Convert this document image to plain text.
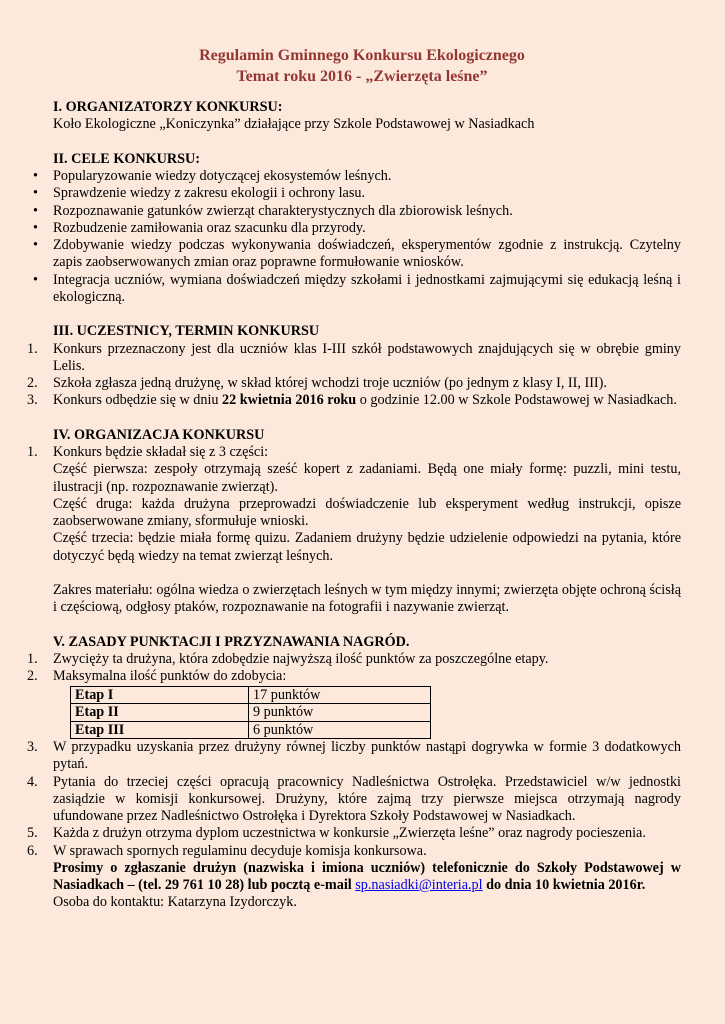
Regulamin Gminnego Konkursu Ekologicznego
Temat roku 2016 - „Zwierzęta leśne”
I. ORGANIZATORZY KONKURSU:

Koło Ekologiczne „Koniczynka” działające przy Szkole Podstawowej w Nasiadkach

II. CELE KONKURSU:
• Popularyzowanie wiedzy dotyczącej ekosystemów leśnych.
• Sprawdzenie wiedzy z zakresu ekologii i ochrony lasu.
• Rozpoznawanie gatunków zwierząt charakterystycznych dla zbiorowisk leśnych.
• Rozbudzenie zamiłowania oraz szacunku dla przyrody.
• Zdobywanie wiedzy podczas wykonywania doświadczeń, eksperymentów zgodnie z instrukcją. Czytelny zapis zaobserwowanych zmian oraz poprawne formułowanie wniosków.
• Integracja uczniów, wymiana doświadczeń między szkołami i jednostkami zajmującymi się edukacją leśną i ekologiczną.
III. UCZESTNICY, TERMIN KONKURSU
1. Konkurs przeznaczony jest dla uczniów klas I-III szkół podstawowych znajdujących się w obrębie gminy Lelis.
2. Szkoła zgłasza jedną drużynę, w skład której wchodzi troje uczniów (po jednym z klasy I, II, III).
3. Konkurs odbędzie się w dniu 22 kwietnia 2016 roku o godzinie 12.00 w Szkole Podstawowej w Nasiadkach.
IV. ORGANIZACJA KONKURSU
1. Konkurs będzie składał się z 3 części:

Część pierwsza: zespoły otrzymają sześć kopert z zadaniami. Będą one miały formę: puzzli, mini testu, ilustracji (np. rozpoznawanie zwierząt).

Część druga: każda drużyna przeprowadzi doświadczenie lub eksperyment według instrukcji, opisze zaobserwowane zmiany, sformułuje wnioski.

Część trzecia: będzie miała formę quizu. Zadaniem drużyny będzie udzielenie odpowiedzi na pytania, które dotyczyć będą wiedzy na temat zwierząt leśnych.

Zakres materiału: ogólna wiedza o zwierzętach leśnych w tym między innymi; zwierzęta objęte ochroną ścisłą i częściową, odgłosy ptaków, rozpoznawanie na fotografii i nazywanie zwierząt.

V. ZASADY PUNKTACJI I PRZYZNAWANIA NAGRÓD.
1. Zwycięży ta drużyna, która zdobędzie najwyższą ilość punktów za poszczególne etapy.
2. Maksymalna ilość punktów do zdobycia:
Etap I	17 punktów
Etap II	9 punktów
Etap III	6 punktów
3. W przypadku uzyskania przez drużyny równej liczby punktów nastąpi dogrywka w formie 3 dodatkowych pytań.
4. Pytania do trzeciej części opracują pracownicy Nadleśnictwa Ostrołęka. Przedstawiciel w/w jednostki zasiądzie w komisji konkursowej. Drużyny, które zajmą trzy pierwsze miejsca otrzymają nagrody ufundowane przez Nadleśnictwo Ostrołęka i Dyrektora Szkoły Podstawowej w Nasiadkach.
5. Każda z drużyn otrzyma dyplom uczestnictwa w konkursie „Zwierzęta leśne” oraz nagrody pocieszenia.
6. W sprawach spornych regulaminu decyduje komisja konkursowa.

Prosimy o zgłaszanie drużyn (nazwiska i imiona uczniów) telefonicznie do Szkoły Podstawowej w Nasiadkach – (tel. 29 761 10 28) lub pocztą e-mail sp.nasiadki@interia.pl do dnia 10 kwietnia 2016r.

Osoba do kontaktu: Katarzyna Izydorczyk.
